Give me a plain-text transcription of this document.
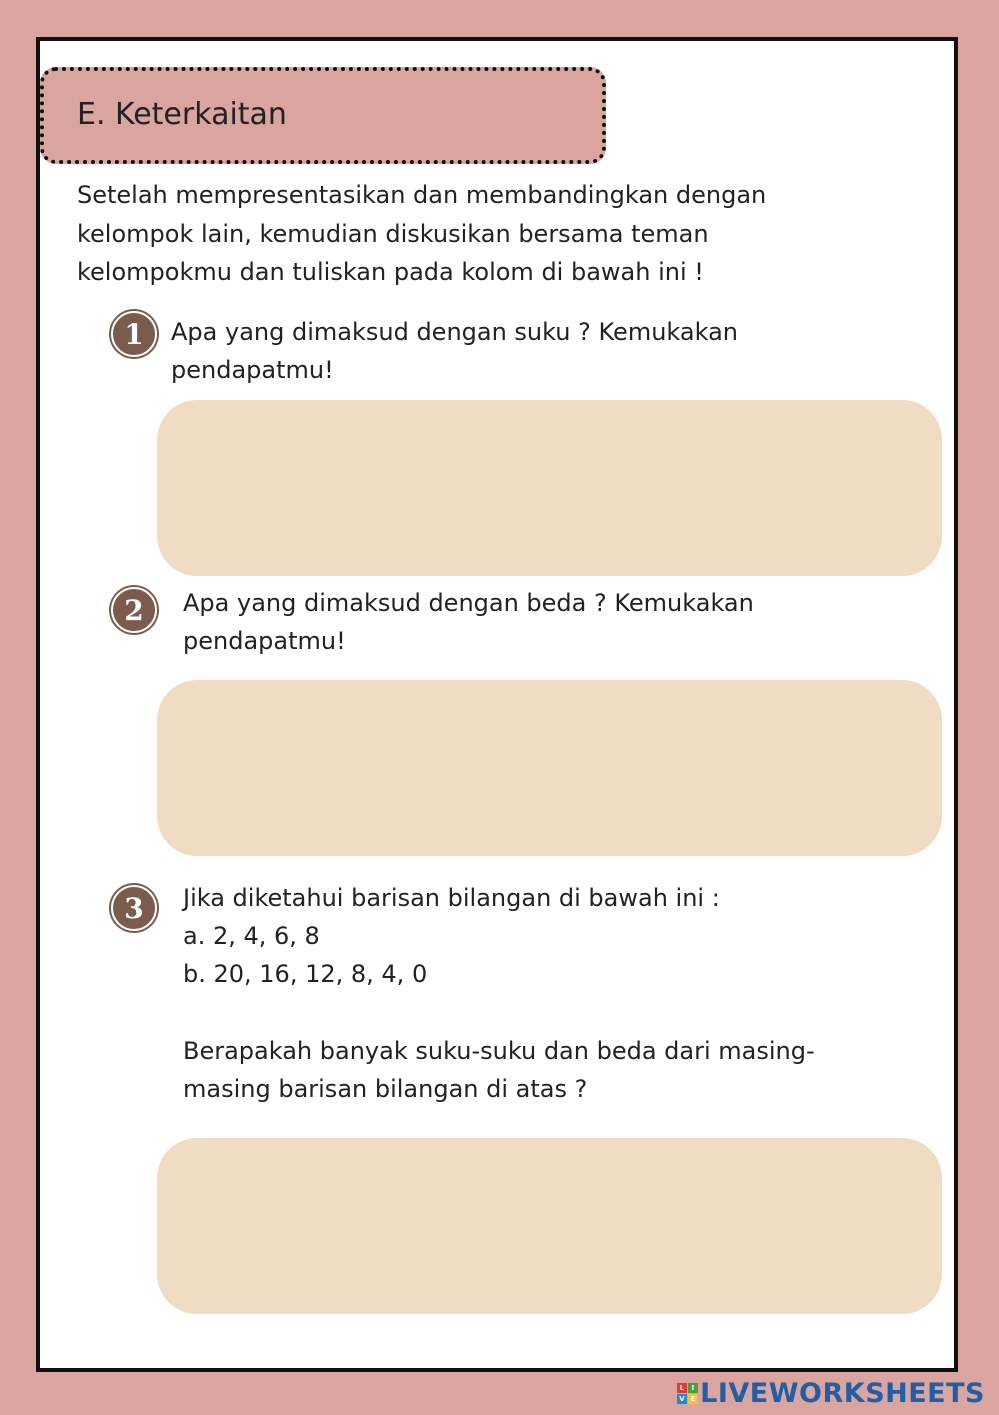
E. Keterkaitan
Setelah mempresentasikan dan membandingkan dengan
kelompok lain, kemudian diskusikan bersama teman
kelompokmu dan tuliskan pada kolom di bawah ini !
1	Apa yang dimaksud dengan suku ? Kemukakan
pendapatmu!
2	Apa yang dimaksud dengan beda ? Kemukakan
pendapatmu!
3	Jika diketahui barisan bilangan di bawah ini :
a. 2, 4, 6, 8
b. 20, 16, 12, 8, 4, 0
Berapakah banyak suku-suku dan beda dari masing-
masing barisan bilangan di atas ?
L I
V E LIVEWORKSHEETS
